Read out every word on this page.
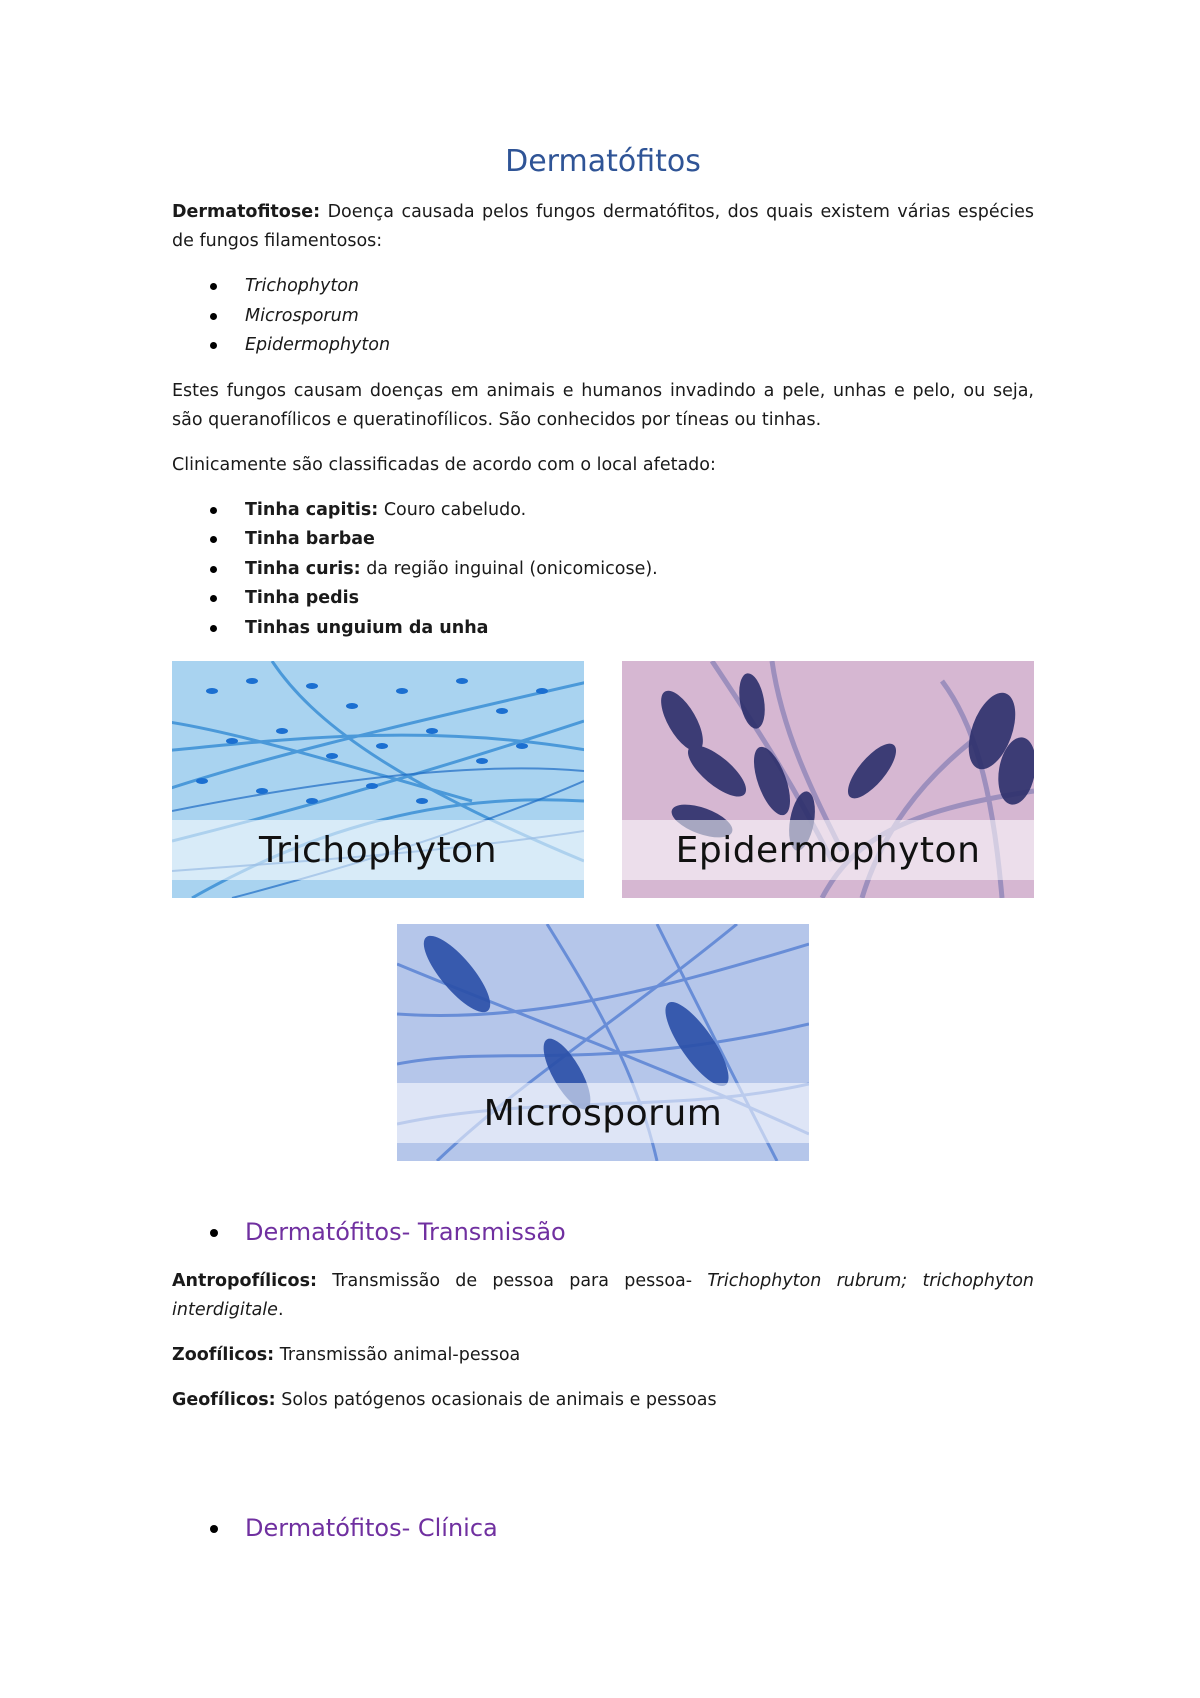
Dermatófitos

Dermatofitose: Doença causada pelos fungos dermatófitos, dos quais existem várias espécies de fungos filamentosos:

Trichophyton
Microsporum
Epidermophyton

Estes fungos causam doenças em animais e humanos invadindo a pele, unhas e pelo, ou seja, são queranofílicos e queratinofílicos. São conhecidos por tíneas ou tinhas.

Clinicamente são classificadas de acordo com o local afetado:

Tinha capitis: Couro cabeludo.
Tinha barbae
Tinha curis: da região inguinal (onicomicose).
Tinha pedis
Tinhas unguium da unha
Trichophyton	Epidermophyton
Microsporum
Dermatófitos- Transmissão

Antropofílicos: Transmissão de pessoa para pessoa- Trichophyton rubrum; trichophyton interdigitale.

Zoofílicos: Transmissão animal-pessoa

Geofílicos: Solos patógenos ocasionais de animais e pessoas

Dermatófitos- Clínica
